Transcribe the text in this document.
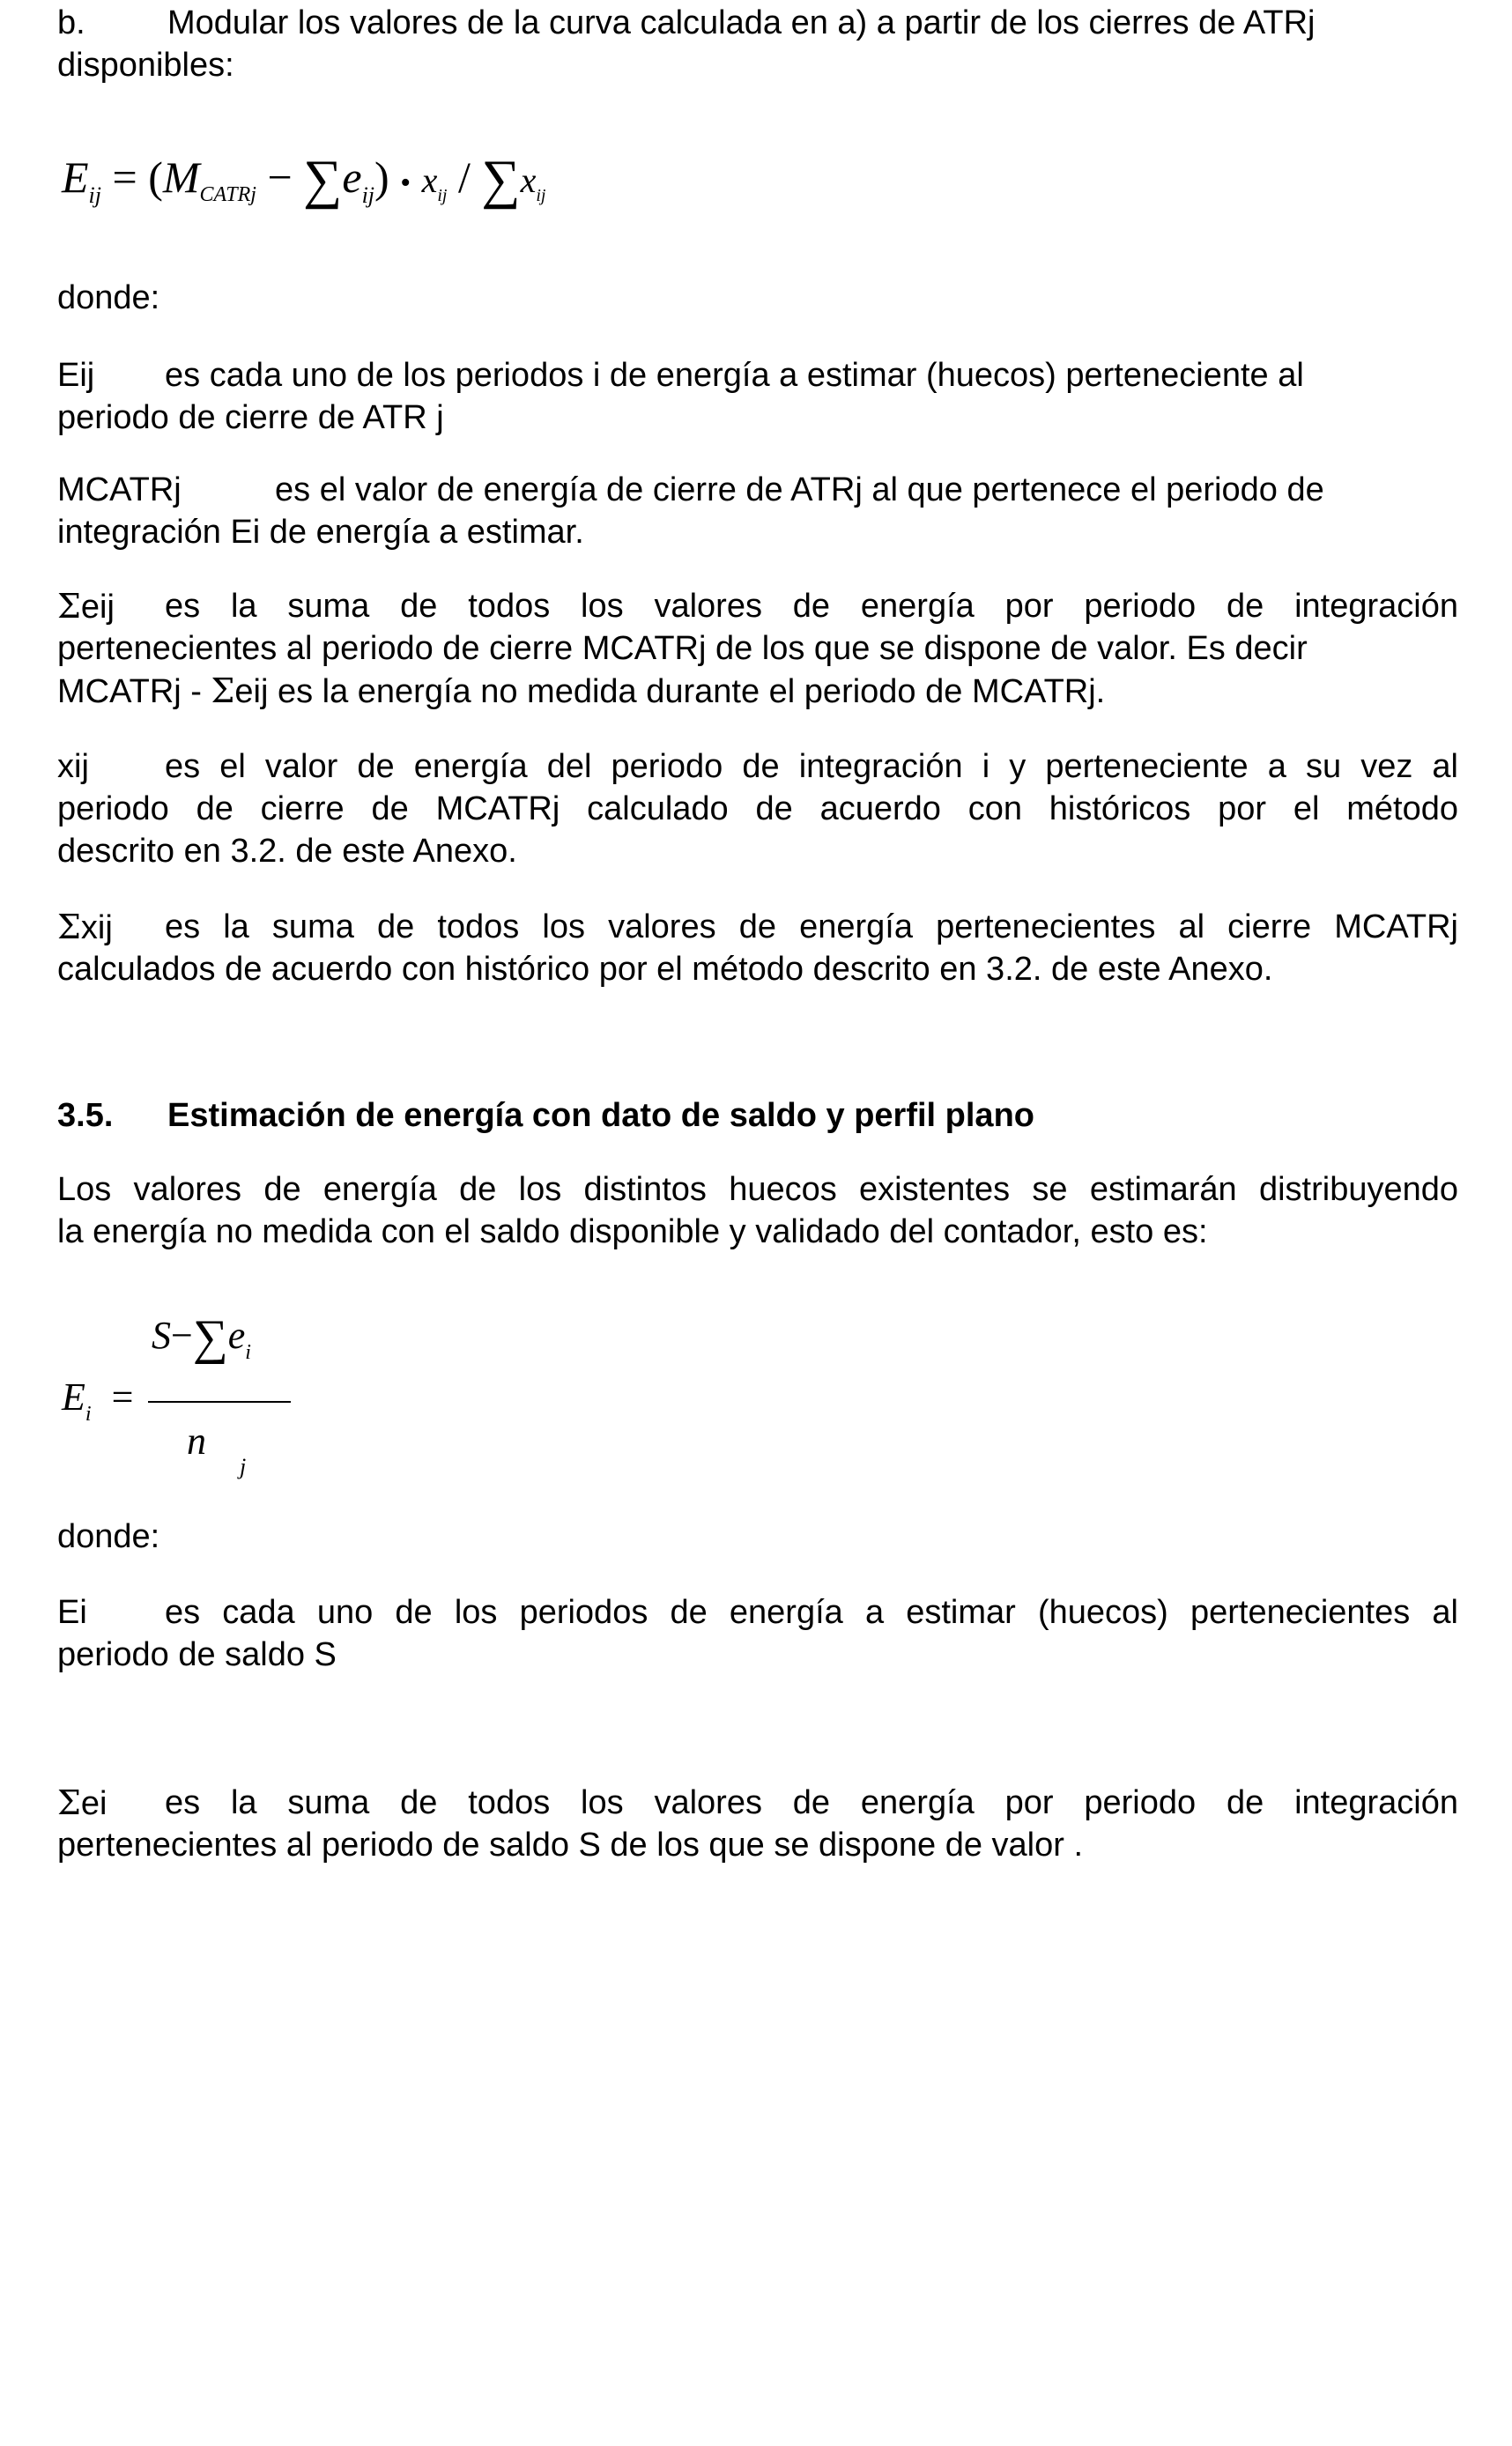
b. Modular los valores de la curva calculada en a) a partir de los cierres de ATRj
disponibles:
$E_{ij} = (M_{CATRj} - \sum e_{ij})$ • $x_{ij} / \sum x_{ij}$
donde:
Eij es cada uno de los periodos i de energía a estimar (huecos) perteneciente al
periodo de cierre de ATR j
MCATRj	es el valor de energía de cierre de ATRj al que pertenece el periodo de
integración Ei de energía a estimar.
Σeij es la suma de todos los valores de energía por periodo de integración
pertenecientes al periodo de cierre MCATRj de los que se dispone de valor. Es decir
MCATRj - Σeij es la energía no medida durante el periodo de MCATRj.
xij es el valor de energía del periodo de integración i y perteneciente a su vez al
periodo de cierre de MCATRj calculado de acuerdo con históricos por el método
descrito en 3.2. de este Anexo.
Σxij es la suma de todos los valores de energía pertenecientes al cierre MCATRj
calculados de acuerdo con histórico por el método descrito en 3.2. de este Anexo.
3.5. Estimación de energía con dato de saldo y perfil plano
Los valores de energía de los distintos huecos existentes se estimarán distribuyendo
la energía no medida con el saldo disponible y validado del contador, esto es:
$E_i$ =
$S-\sum e_i$
n
j
donde:
Ei es cada uno de los periodos de energía a estimar (huecos) pertenecientes al
periodo de saldo S
Σei es la suma de todos los valores de energía por periodo de integración
pertenecientes al periodo de saldo S de los que se dispone de valor .
